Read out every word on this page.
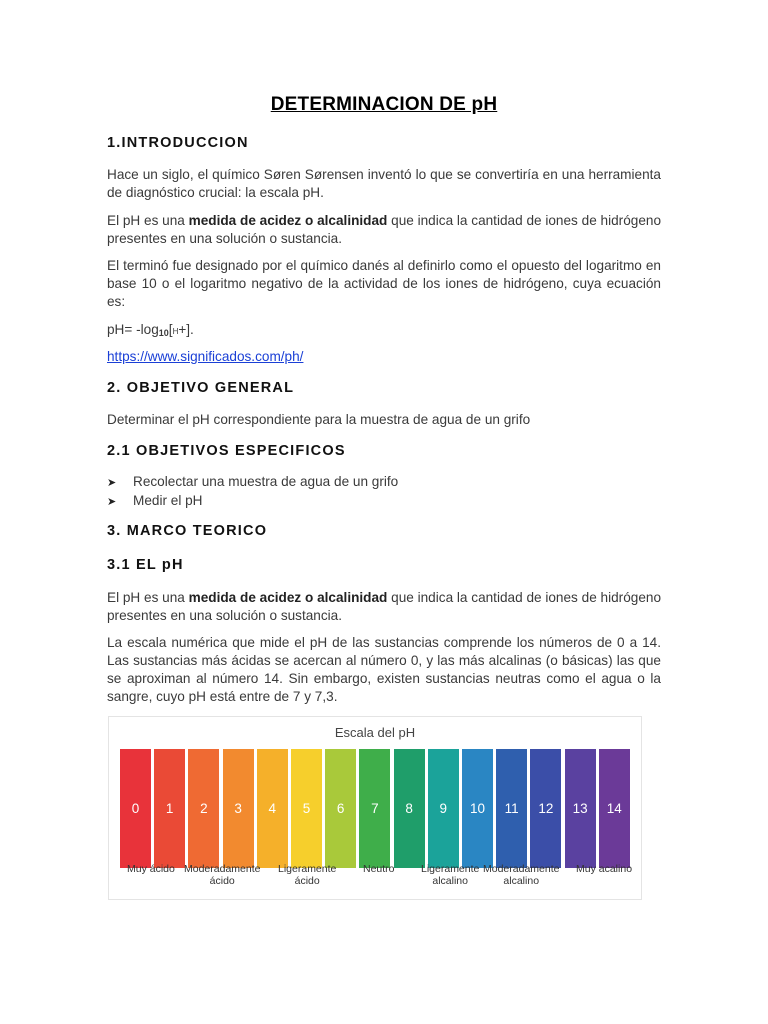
DETERMINACION DE pH
1.INTRODUCCION
Hace un siglo, el químico Søren Sørensen inventó lo que se convertiría en una herramienta de diagnóstico crucial: la escala pH.
El pH es una medida de acidez o alcalinidad que indica la cantidad de iones de hidrógeno presentes en una solución o sustancia.
El terminó fue designado por el químico danés al definirlo como el opuesto del logaritmo en base 10 o el logaritmo negativo de la actividad de los iones de hidrógeno, cuya ecuación es:
$pH= -\log_{10}[H+]$.
https://www.significados.com/ph/
2. OBJETIVO GENERAL
Determinar el pH correspondiente para la muestra de agua de un grifo
2.1 OBJETIVOS ESPECIFICOS
➤ Recolectar una muestra de agua de un grifo
➤ Medir el pH
3. MARCO TEORICO
3.1 EL pH
El pH es una medida de acidez o alcalinidad que indica la cantidad de iones de hidrógeno presentes en una solución o sustancia.
La escala numérica que mide el pH de las sustancias comprende los números de 0 a 14. Las sustancias más ácidas se acercan al número 0, y las más alcalinas (o básicas) las que se aproximan al número 14. Sin embargo, existen sustancias neutras como el agua o la sangre, cuyo pH está entre de 7 y 7,3.
Escala del pH
0	1	2	3	4	5	6	7	8	9	10	11	12	13	14
Muy ácido Moderadamente
ácido
Ligeramente
ácido
Neutro	Ligeramente
alcalino
Moderadamente
alcalino
Muy acalino
